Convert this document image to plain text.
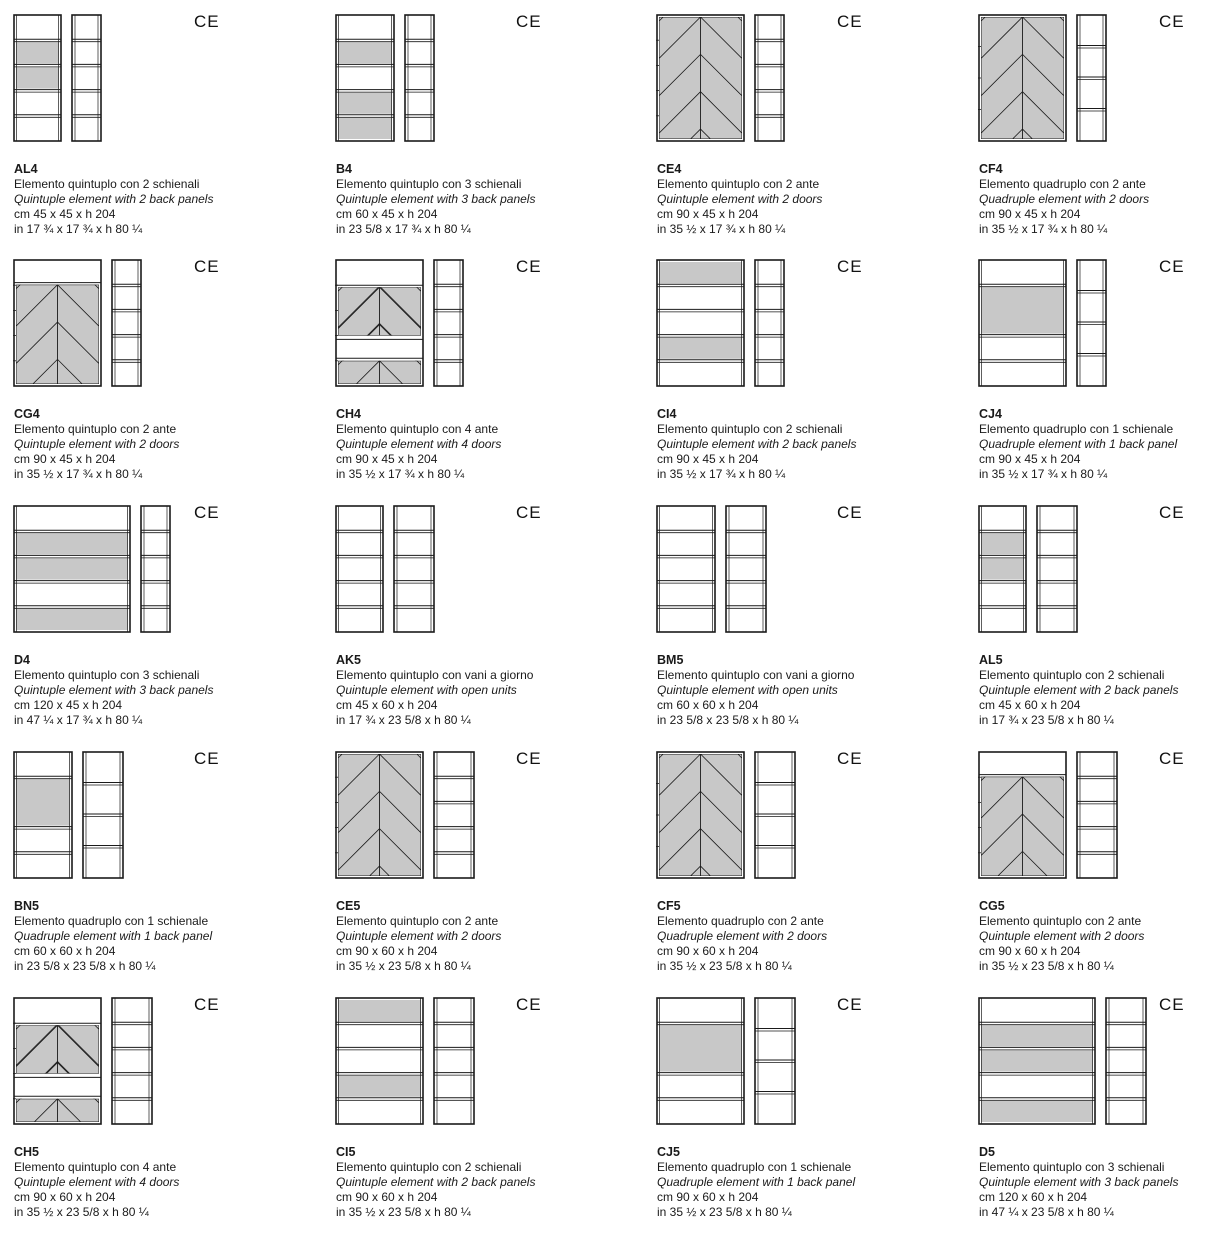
CE
AL4
Elemento quintuplo con 2 schienali
Quintuple element with 2 back panels
cm 45 x 45 x h 204
in 17 ¾ x 17 ¾ x h 80 ¼
CE
B4
Elemento quintuplo con 3 schienali
Quintuple element with 3 back panels
cm 60 x 45 x h 204
in 23 5/8 x 17 ¾ x h 80 ¼
CE
CE4
Elemento quintuplo con 2 ante
Quintuple element with 2 doors
cm 90 x 45 x h 204
in 35 ½ x 17 ¾ x h 80 ¼
CE
CF4
Elemento quadruplo con 2 ante
Quadruple element with 2 doors
cm 90 x 45 x h 204
in 35 ½ x 17 ¾ x h 80 ¼
CE
CG4
Elemento quintuplo con 2 ante
Quintuple element with 2 doors
cm 90 x 45 x h 204
in 35 ½ x 17 ¾ x h 80 ¼
CE
CH4
Elemento quintuplo con 4 ante
Quintuple element with 4 doors
cm 90 x 45 x h 204
in 35 ½ x 17 ¾ x h 80 ¼
CE
CI4
Elemento quintuplo con 2 schienali
Quintuple element with 2 back panels
cm 90 x 45 x h 204
in 35 ½ x 17 ¾ x h 80 ¼
CE
CJ4
Elemento quadruplo con 1 schienale
Quadruple element with 1 back panel
cm 90 x 45 x h 204
in 35 ½ x 17 ¾ x h 80 ¼
CE
D4
Elemento quintuplo con 3 schienali
Quintuple element with 3 back panels
cm 120 x 45 x h 204
in 47 ¼ x 17 ¾ x h 80 ¼
CE
AK5
Elemento quintuplo con vani a giorno
Quintuple element with open units
cm 45 x 60 x h 204
in 17 ¾ x 23 5/8 x h 80 ¼
CE
BM5
Elemento quintuplo con vani a giorno
Quintuple element with open units
cm 60 x 60 x h 204
in 23 5/8 x 23 5/8 x h 80 ¼
CE
AL5
Elemento quintuplo con 2 schienali
Quintuple element with 2 back panels
cm 45 x 60 x h 204
in 17 ¾ x 23 5/8 x h 80 ¼
CE
BN5
Elemento quadruplo con 1 schienale
Quadruple element with 1 back panel
cm 60 x 60 x h 204
in 23 5/8 x 23 5/8 x h 80 ¼
CE
CE5
Elemento quintuplo con 2 ante
Quintuple element with 2 doors
cm 90 x 60 x h 204
in 35 ½ x 23 5/8 x h 80 ¼
CE
CF5
Elemento quadruplo con 2 ante
Quadruple element with 2 doors
cm 90 x 60 x h 204
in 35 ½ x 23 5/8 x h 80 ¼
CE
CG5
Elemento quintuplo con 2 ante
Quintuple element with 2 doors
cm 90 x 60 x h 204
in 35 ½ x 23 5/8 x h 80 ¼
CE
CH5
Elemento quintuplo con 4 ante
Quintuple element with 4 doors
cm 90 x 60 x h 204
in 35 ½ x 23 5/8 x h 80 ¼
CE
CI5
Elemento quintuplo con 2 schienali
Quintuple element with 2 back panels
cm 90 x 60 x h 204
in 35 ½ x 23 5/8 x h 80 ¼
CE
CJ5
Elemento quadruplo con 1 schienale
Quadruple element with 1 back panel
cm 90 x 60 x h 204
in 35 ½ x 23 5/8 x h 80 ¼
CE
D5
Elemento quintuplo con 3 schienali
Quintuple element with 3 back panels
cm 120 x 60 x h 204
in 47 ¼ x 23 5/8 x h 80 ¼
